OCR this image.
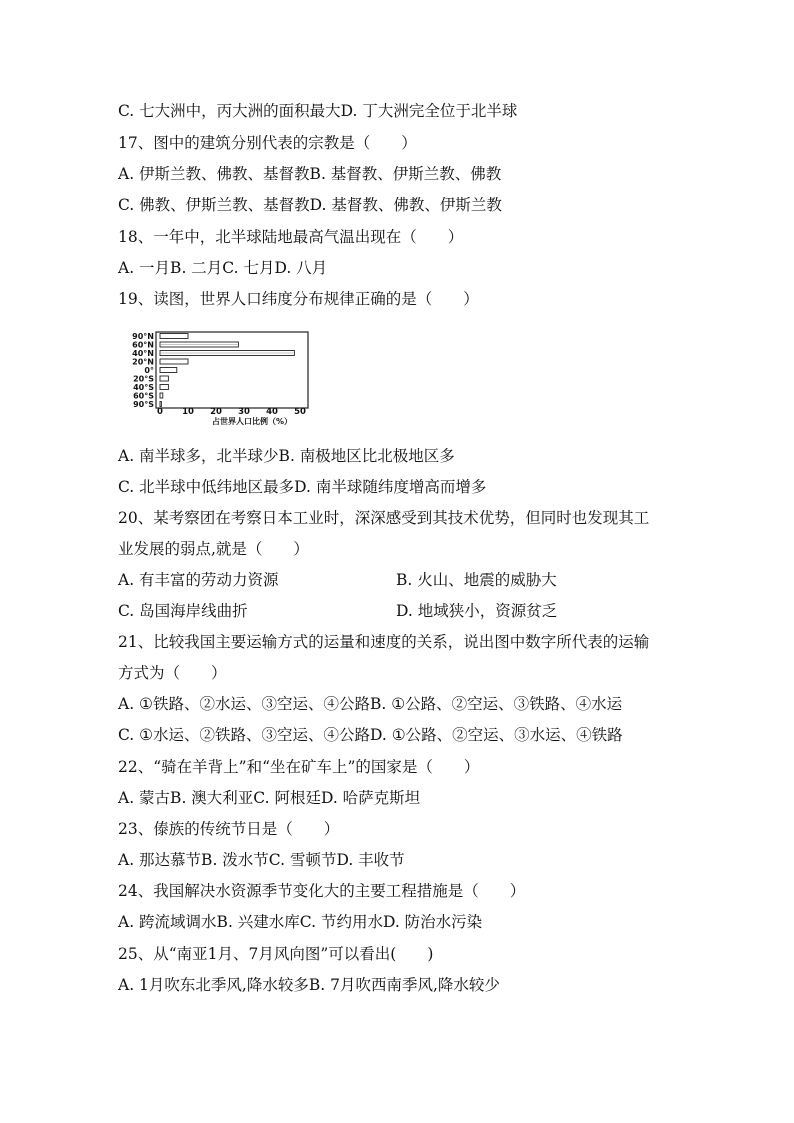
C. 七大洲中，丙大洲的面积最大D. 丁大洲完全位于北半球
17、图中的建筑分别代表的宗教是（　　）
A. 伊斯兰教、佛教、基督教B. 基督教、伊斯兰教、佛教
C. 佛教、伊斯兰教、基督教D. 基督教、佛教、伊斯兰教
18、一年中，北半球陆地最高气温出现在（　　）
A. 一月B. 二月C. 七月D. 八月
19、读图，世界人口纬度分布规律正确的是（　　）
90°N
60°N
40°N
20°N
0°
20°S
40°S
60°S
90°S
0 10 20 30 40 50
占世界人口比例（%）
A. 南半球多，北半球少B. 南极地区比北极地区多
C. 北半球中低纬地区最多D. 南半球随纬度增高而增多
20、某考察团在考察日本工业时，深深感受到其技术优势，但同时也发现其工
业发展的弱点,就是（　　）
A. 有丰富的劳动力资源	B. 火山、地震的威胁大
C. 岛国海岸线曲折	D. 地域狭小，资源贫乏
21、比较我国主要运输方式的运量和速度的关系，说出图中数字所代表的运输
方式为（　　）
A. ①铁路、②水运、③空运、④公路B. ①公路、②空运、③铁路、④水运
C. ①水运、②铁路、③空运、④公路D. ①公路、②空运、③水运、④铁路
22、“骑在羊背上”和“坐在矿车上”的国家是（　　）
A. 蒙古B. 澳大利亚C. 阿根廷D. 哈萨克斯坦
23、傣族的传统节日是（　　）
A. 那达慕节B. 泼水节C. 雪顿节D. 丰收节
24、我国解决水资源季节变化大的主要工程措施是（　　）
A. 跨流域调水B. 兴建水库C. 节约用水D. 防治水污染
25、从“南亚1月、7月风向图”可以看出(　　)
A. 1月吹东北季风,降水较多B. 7月吹西南季风,降水较少
